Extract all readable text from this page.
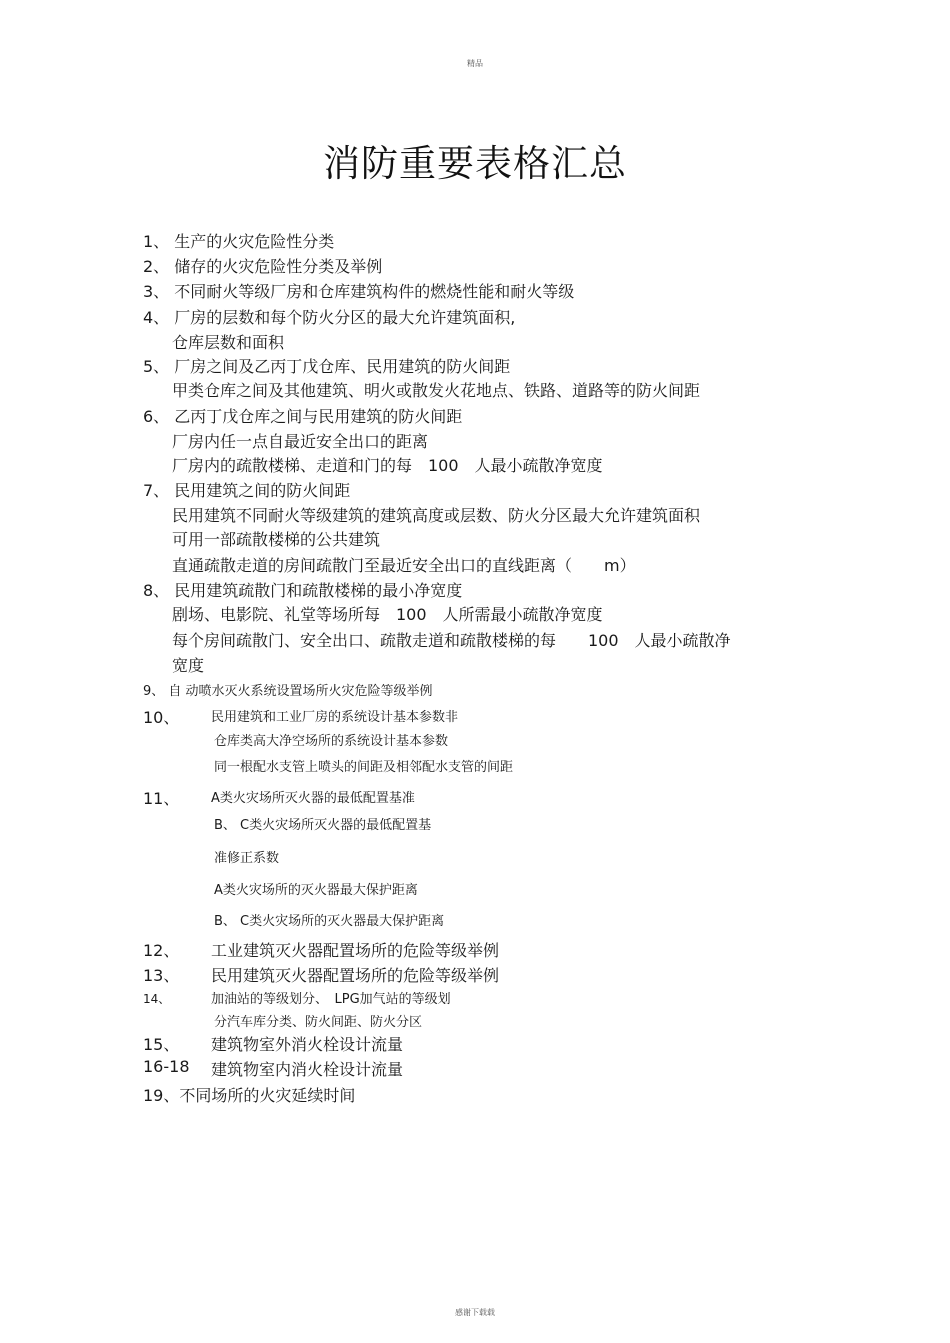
精品
消防重要表格汇总
1、 生产的火灾危险性分类
2、 储存的火灾危险性分类及举例
3、 不同耐火等级厂房和仓库建筑构件的燃烧性能和耐火等级
4、 厂房的层数和每个防火分区的最大允许建筑面积,
仓库层数和面积
5、 厂房之间及乙丙丁戊仓库、民用建筑的防火间距
甲类仓库之间及其他建筑、明火或散发火花地点、铁路、道路等的防火间距
6、 乙丙丁戊仓库之间与民用建筑的防火间距
厂房内任一点自最近安全出口的距离
厂房内的疏散楼梯、走道和门的每　100　人最小疏散净宽度
7、 民用建筑之间的防火间距
民用建筑不同耐火等级建筑的建筑高度或层数、防火分区最大允许建筑面积
可用一部疏散楼梯的公共建筑
直通疏散走道的房间疏散门至最近安全出口的直线距离（　　m）
8、 民用建筑疏散门和疏散楼梯的最小净宽度
剧场、电影院、礼堂等场所每　100　人所需最小疏散净宽度
每个房间疏散门、安全出口、疏散走道和疏散楼梯的每　　100　人最小疏散净
宽度
9、 自 动喷水灭火系统设置场所火灾危险等级举例
10、 民用建筑和工业厂房的系统设计基本参数非
仓库类高大净空场所的系统设计基本参数
同一根配水支管上喷头的间距及相邻配水支管的间距
11、 A类火灾场所灭火器的最低配置基准
B、 C类火灾场所灭火器的最低配置基
准修正系数
A类火灾场所的灭火器最大保护距离
B、 C类火灾场所的灭火器最大保护距离
12、 工业建筑灭火器配置场所的危险等级举例
13、 民用建筑灭火器配置场所的危险等级举例
14、	加油站的等级划分、　LPG加气站的等级划
分汽车库分类、防火间距、防火分区
15、 建筑物室外消火栓设计流量
16-18 建筑物室内消火栓设计流量
19、不同场所的火灾延续时间
感谢下载载
